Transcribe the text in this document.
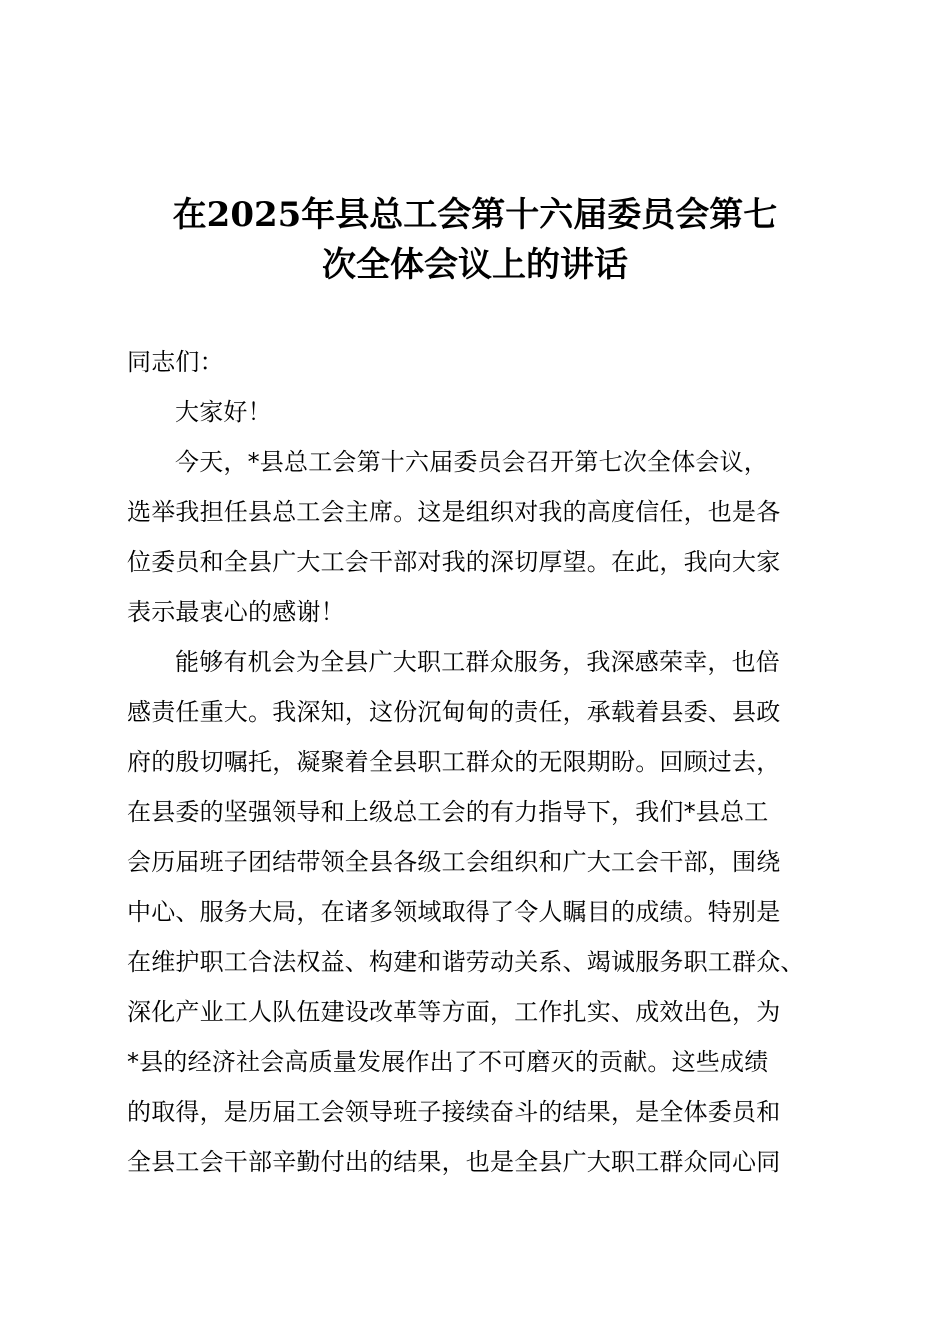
在2025年县总工会第十六届委员会第七
次全体会议上的讲话
同志们：
大家好！
今天，*县总工会第十六届委员会召开第七次全体会议，
选举我担任县总工会主席。这是组织对我的高度信任，也是各
位委员和全县广大工会干部对我的深切厚望。在此，我向大家
表示最衷心的感谢！
能够有机会为全县广大职工群众服务，我深感荣幸，也倍
感责任重大。我深知，这份沉甸甸的责任，承载着县委、县政
府的殷切嘱托，凝聚着全县职工群众的无限期盼。回顾过去，
在县委的坚强领导和上级总工会的有力指导下，我们*县总工
会历届班子团结带领全县各级工会组织和广大工会干部，围绕
中心、服务大局，在诸多领域取得了令人瞩目的成绩。特别是
在维护职工合法权益、构建和谐劳动关系、竭诚服务职工群众、
深化产业工人队伍建设改革等方面，工作扎实、成效出色，为
*县的经济社会高质量发展作出了不可磨灭的贡献。这些成绩
的取得，是历届工会领导班子接续奋斗的结果，是全体委员和
全县工会干部辛勤付出的结果，也是全县广大职工群众同心同
